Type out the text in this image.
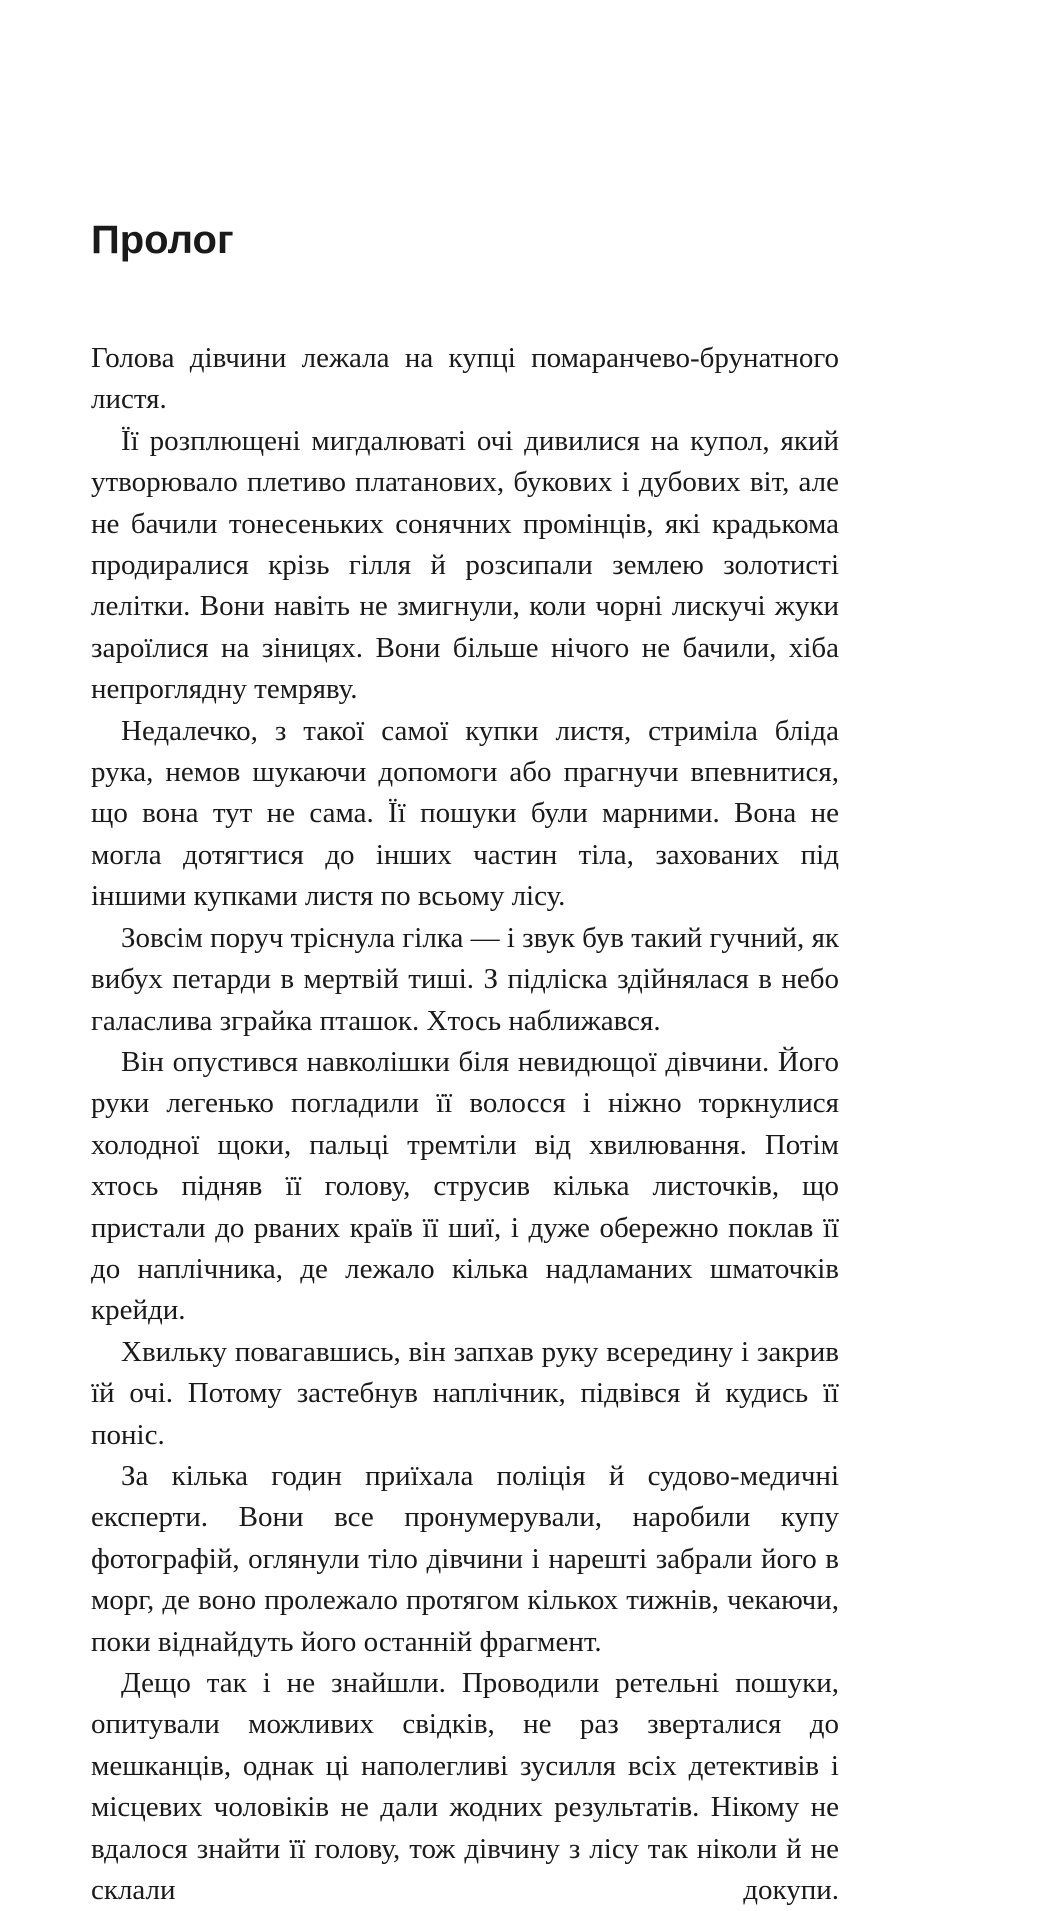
Пролог

Голова дівчини лежала на купці помаранчево-брунатного листя.

Її розплющені мигдалюваті очі дивилися на купол, який утворювало плетиво платанових, букових і дубових віт, але не бачили тонесеньких сонячних промінців, які крадькома продиралися крізь гілля й розсипали землею золотисті лелітки. Вони навіть не змигнули, коли чорні лискучі жуки зароїлися на зіницях. Вони більше нічого не бачили, хіба непроглядну темряву.

Недалечко, з такої самої купки листя, стриміла бліда рука, немов шукаючи допомоги або прагнучи впевнитися, що вона тут не сама. Її пошуки були марними. Вона не могла дотягтися до інших частин тіла, захованих під іншими купками листя по всьому лісу.

Зовсім поруч тріснула гілка — і звук був такий гучний, як вибух петарди в мертвій тиші. З підліска здійнялася в небо галаслива зграйка пташок. Хтось наближався.

Він опустився навколішки біля невидющої дівчини. Його руки легенько погладили її волосся і ніжно торкнулися холодної щоки, пальці тремтіли від хвилювання. Потім хтось підняв її голову, струсив кілька листочків, що пристали до рваних країв її шиї, і дуже обережно поклав її до наплічника, де лежало кілька надламаних шматочків крейди.

Хвильку повагавшись, він запхав руку всередину і закрив їй очі. Потому застебнув наплічник, підвівся й кудись її поніс.

За кілька годин приїхала поліція й судово-медичні експерти. Вони все пронумерували, наробили купу фотографій, оглянули тіло дівчини і нарешті забрали його в морг, де воно пролежало протягом кількох тижнів, чекаючи, поки віднайдуть його останній фрагмент.

Дещо так і не знайшли. Проводили ретельні пошуки, опитували можливих свідків, не раз зверталися до мешканців, однак ці наполегливі зусилля всіх детективів і місцевих чоловіків не дали жодних результатів. Нікому не вдалося знайти її голову, тож дівчину з лісу так ніколи й не склали докупи.
